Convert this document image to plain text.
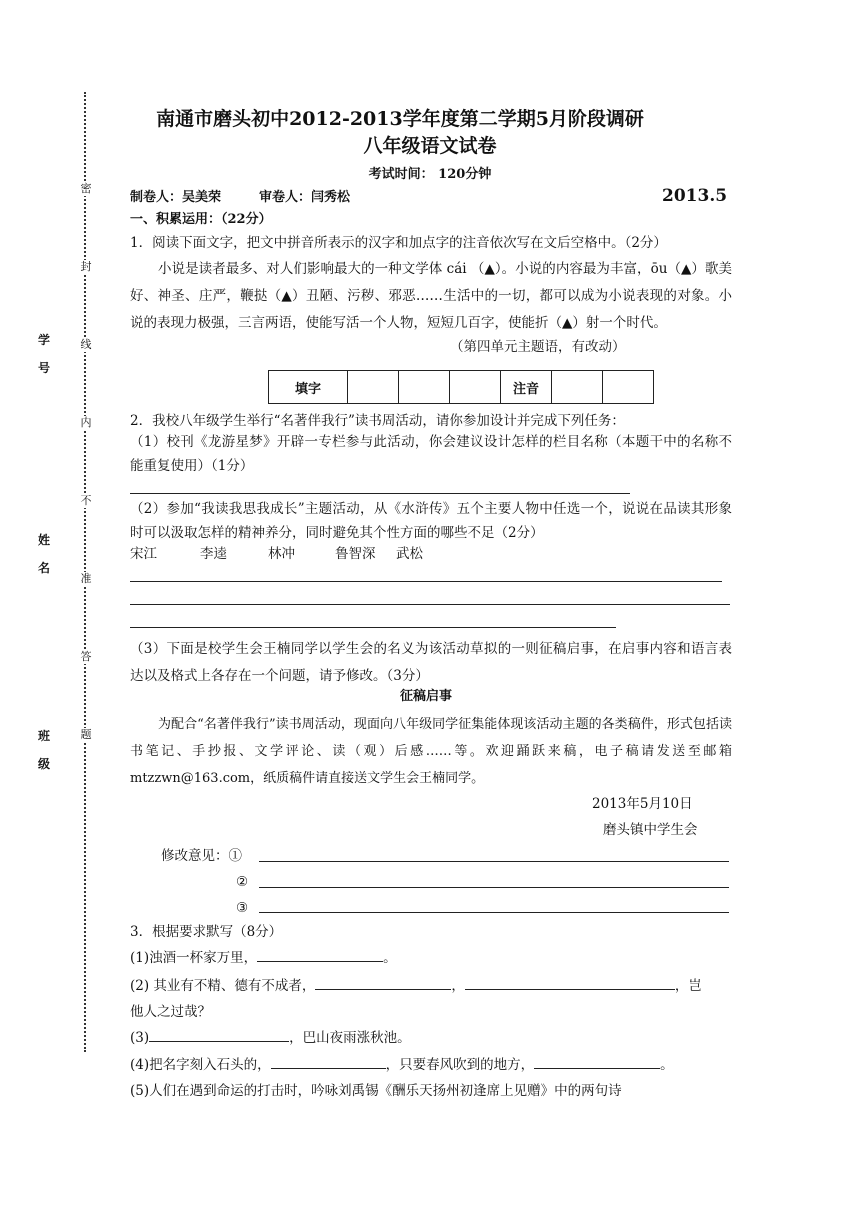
密
封
线
内
不
准
答
题
学 号
姓 名
班 级
南通市磨头初中2012-2013学年度第二学期5月阶段调研
八年级语文试卷
考试时间： 120分钟
制卷人：吴美荣	审卷人：闫秀松	2013.5
一、积累运用：（22分）
1．阅读下面文字，把文中拼音所表示的汉字和加点字的注音依次写在文后空格中。（2分）
小说是读者最多、对人们影响最大的一种文学体 cái （▲）。小说的内容最为丰富，ōu（▲）歌美好、神圣、庄严，鞭挞（▲）丑陋、污秽、邪恶……生活中的一切，都可以成为小说表现的对象。小说的表现力极强，三言两语，使能写活一个人物，短短几百字，使能折（▲）射一个时代。
（第四单元主题语，有改动）
填字				注音		
2．我校八年级学生举行“名著伴我行”读书周活动，请你参加设计并完成下列任务：
（1）校刊《龙游星梦》开辟一专栏参与此活动，你会建议设计怎样的栏目名称（本题干中的名称不能重复使用）（1分）
（2）参加“我读我思我成长”主题活动，从《水浒传》五个主要人物中任选一个，说说在品读其形象时可以汲取怎样的精神养分，同时避免其个性方面的哪些不足（2分）
宋江	李逵	林冲	鲁智深 武松
（3）下面是校学生会王楠同学以学生会的名义为该活动草拟的一则征稿启事，在启事内容和语言表达以及格式上各存在一个问题，请予修改。（3分）
征稿启事
为配合“名著伴我行”读书周活动，现面向八年级同学征集能体现该活动主题的各类稿件，形式包括读书笔记、手抄报、文学评论、读（观）后感……等。欢迎踊跃来稿，电子稿请发送至邮箱mtzzwn@163.com，纸质稿件请直接送文学生会王楠同学。
2013年5月10日
磨头镇中学生会
修改意见：①
②
③
3．根据要求默写（8分）
(1)浊酒一杯家万里，	。
(2) 其业有不精、德有不成者，	，	，岂
他人之过哉？
(3)	，巴山夜雨涨秋池。
(4)把名字刻入石头的，	，只要春风吹到的地方，	。
(5)人们在遇到命运的打击时，吟咏刘禹锡《酬乐天扬州初逢席上见赠》中的两句诗
